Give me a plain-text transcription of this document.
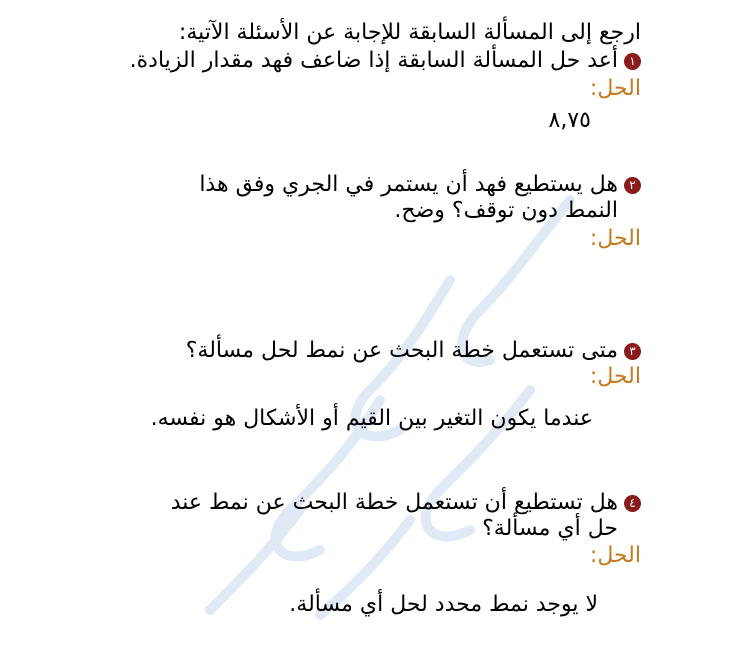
ارجع إلى المسألة السابقة للإجابة عن الأسئلة الآتية:
١
أعد حل المسألة السابقة إذا ضاعف فهد مقدار الزيادة.
الحل:
٨,٧٥
٢
هل يستطيع فهد أن يستمر في الجري وفق هذا
النمط دون توقف؟ وضح.
الحل:
٣
متى تستعمل خطة البحث عن نمط لحل مسألة؟
الحل:
عندما يكون التغير بين القيم أو الأشكال هو نفسه.
٤
هل تستطيع أن تستعمل خطة البحث عن نمط عند
حل أي مسألة؟
الحل:
لا يوجد نمط محدد لحل أي مسألة.
